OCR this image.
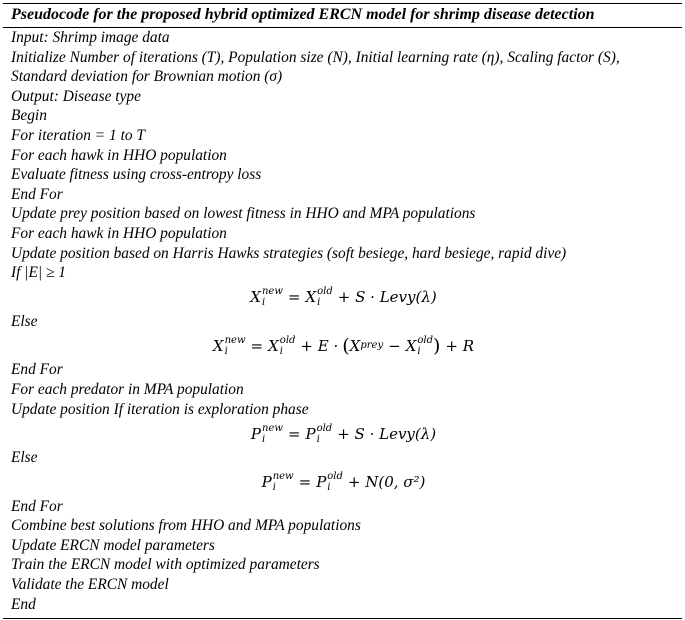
Pseudocode for the proposed hybrid optimized ERCN model for shrimp disease detection
Input: Shrimp image data
Initialize Number of iterations (T), Population size (N), Initial learning rate (η), Scaling factor (S), Standard deviation for Brownian motion (σ)
Output: Disease type
Begin
For iteration = 1 to T
For each hawk in HHO population
Evaluate fitness using cross-entropy loss
End For
Update prey position based on lowest fitness in HHO and MPA populations
For each hawk in HHO population
Update position based on Harris Hawks strategies (soft besiege, hard besiege, rapid dive)
If |E| ≥ 1
X new
i	= X old
i	+ S · Levy(λ)
Else
X new
i	= X old
i	+ E · ( X prey − X old
i ) + R
End For
For each predator in MPA population
Update position If iteration is exploration phase
P new
i	= P old
i	+ S · Levy(λ)
Else
P new
i	= P old
i	+ N(0, σ²)
End For
Combine best solutions from HHO and MPA populations
Update ERCN model parameters
Train the ERCN model with optimized parameters
Validate the ERCN model
End
